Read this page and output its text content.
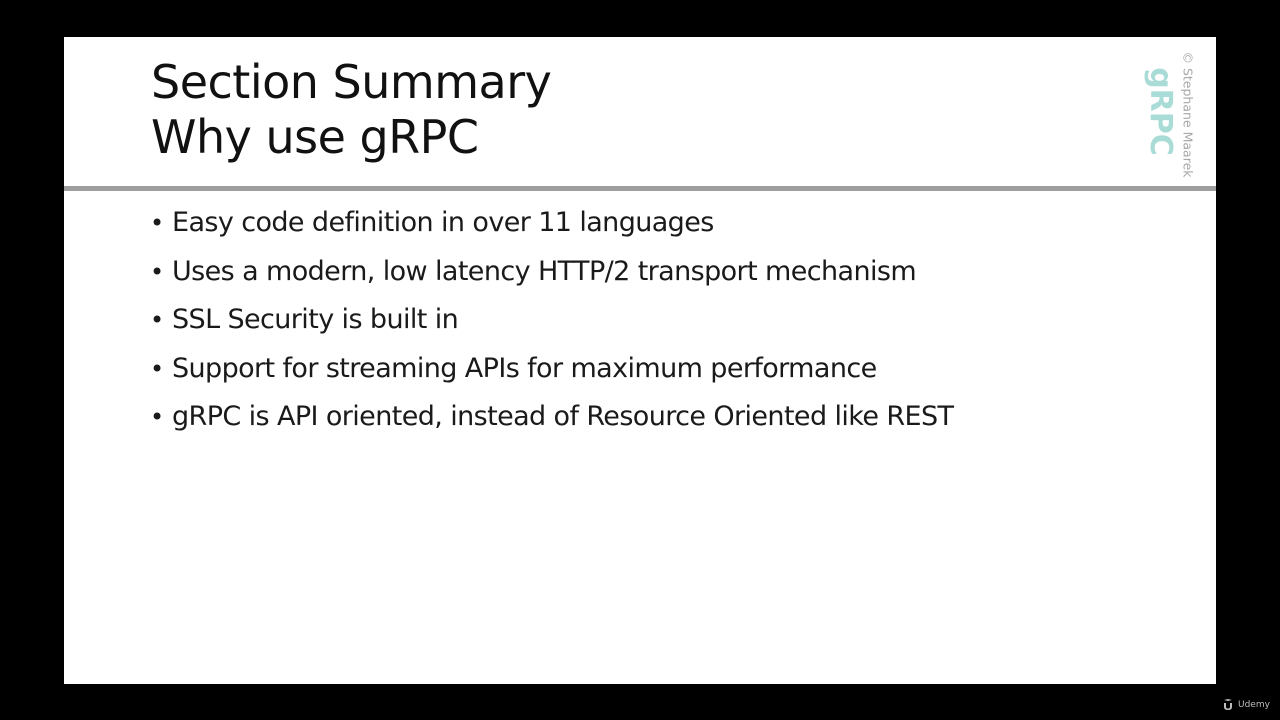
Section Summary
Why use gRPC	gRPC © Stephane Maarek
• Easy code definition in over 11 languages
• Uses a modern, low latency HTTP/2 transport mechanism
• SSL Security is built in
• Support for streaming APIs for maximum performance
• gRPC is API oriented, instead of Resource Oriented like REST
Udemy
